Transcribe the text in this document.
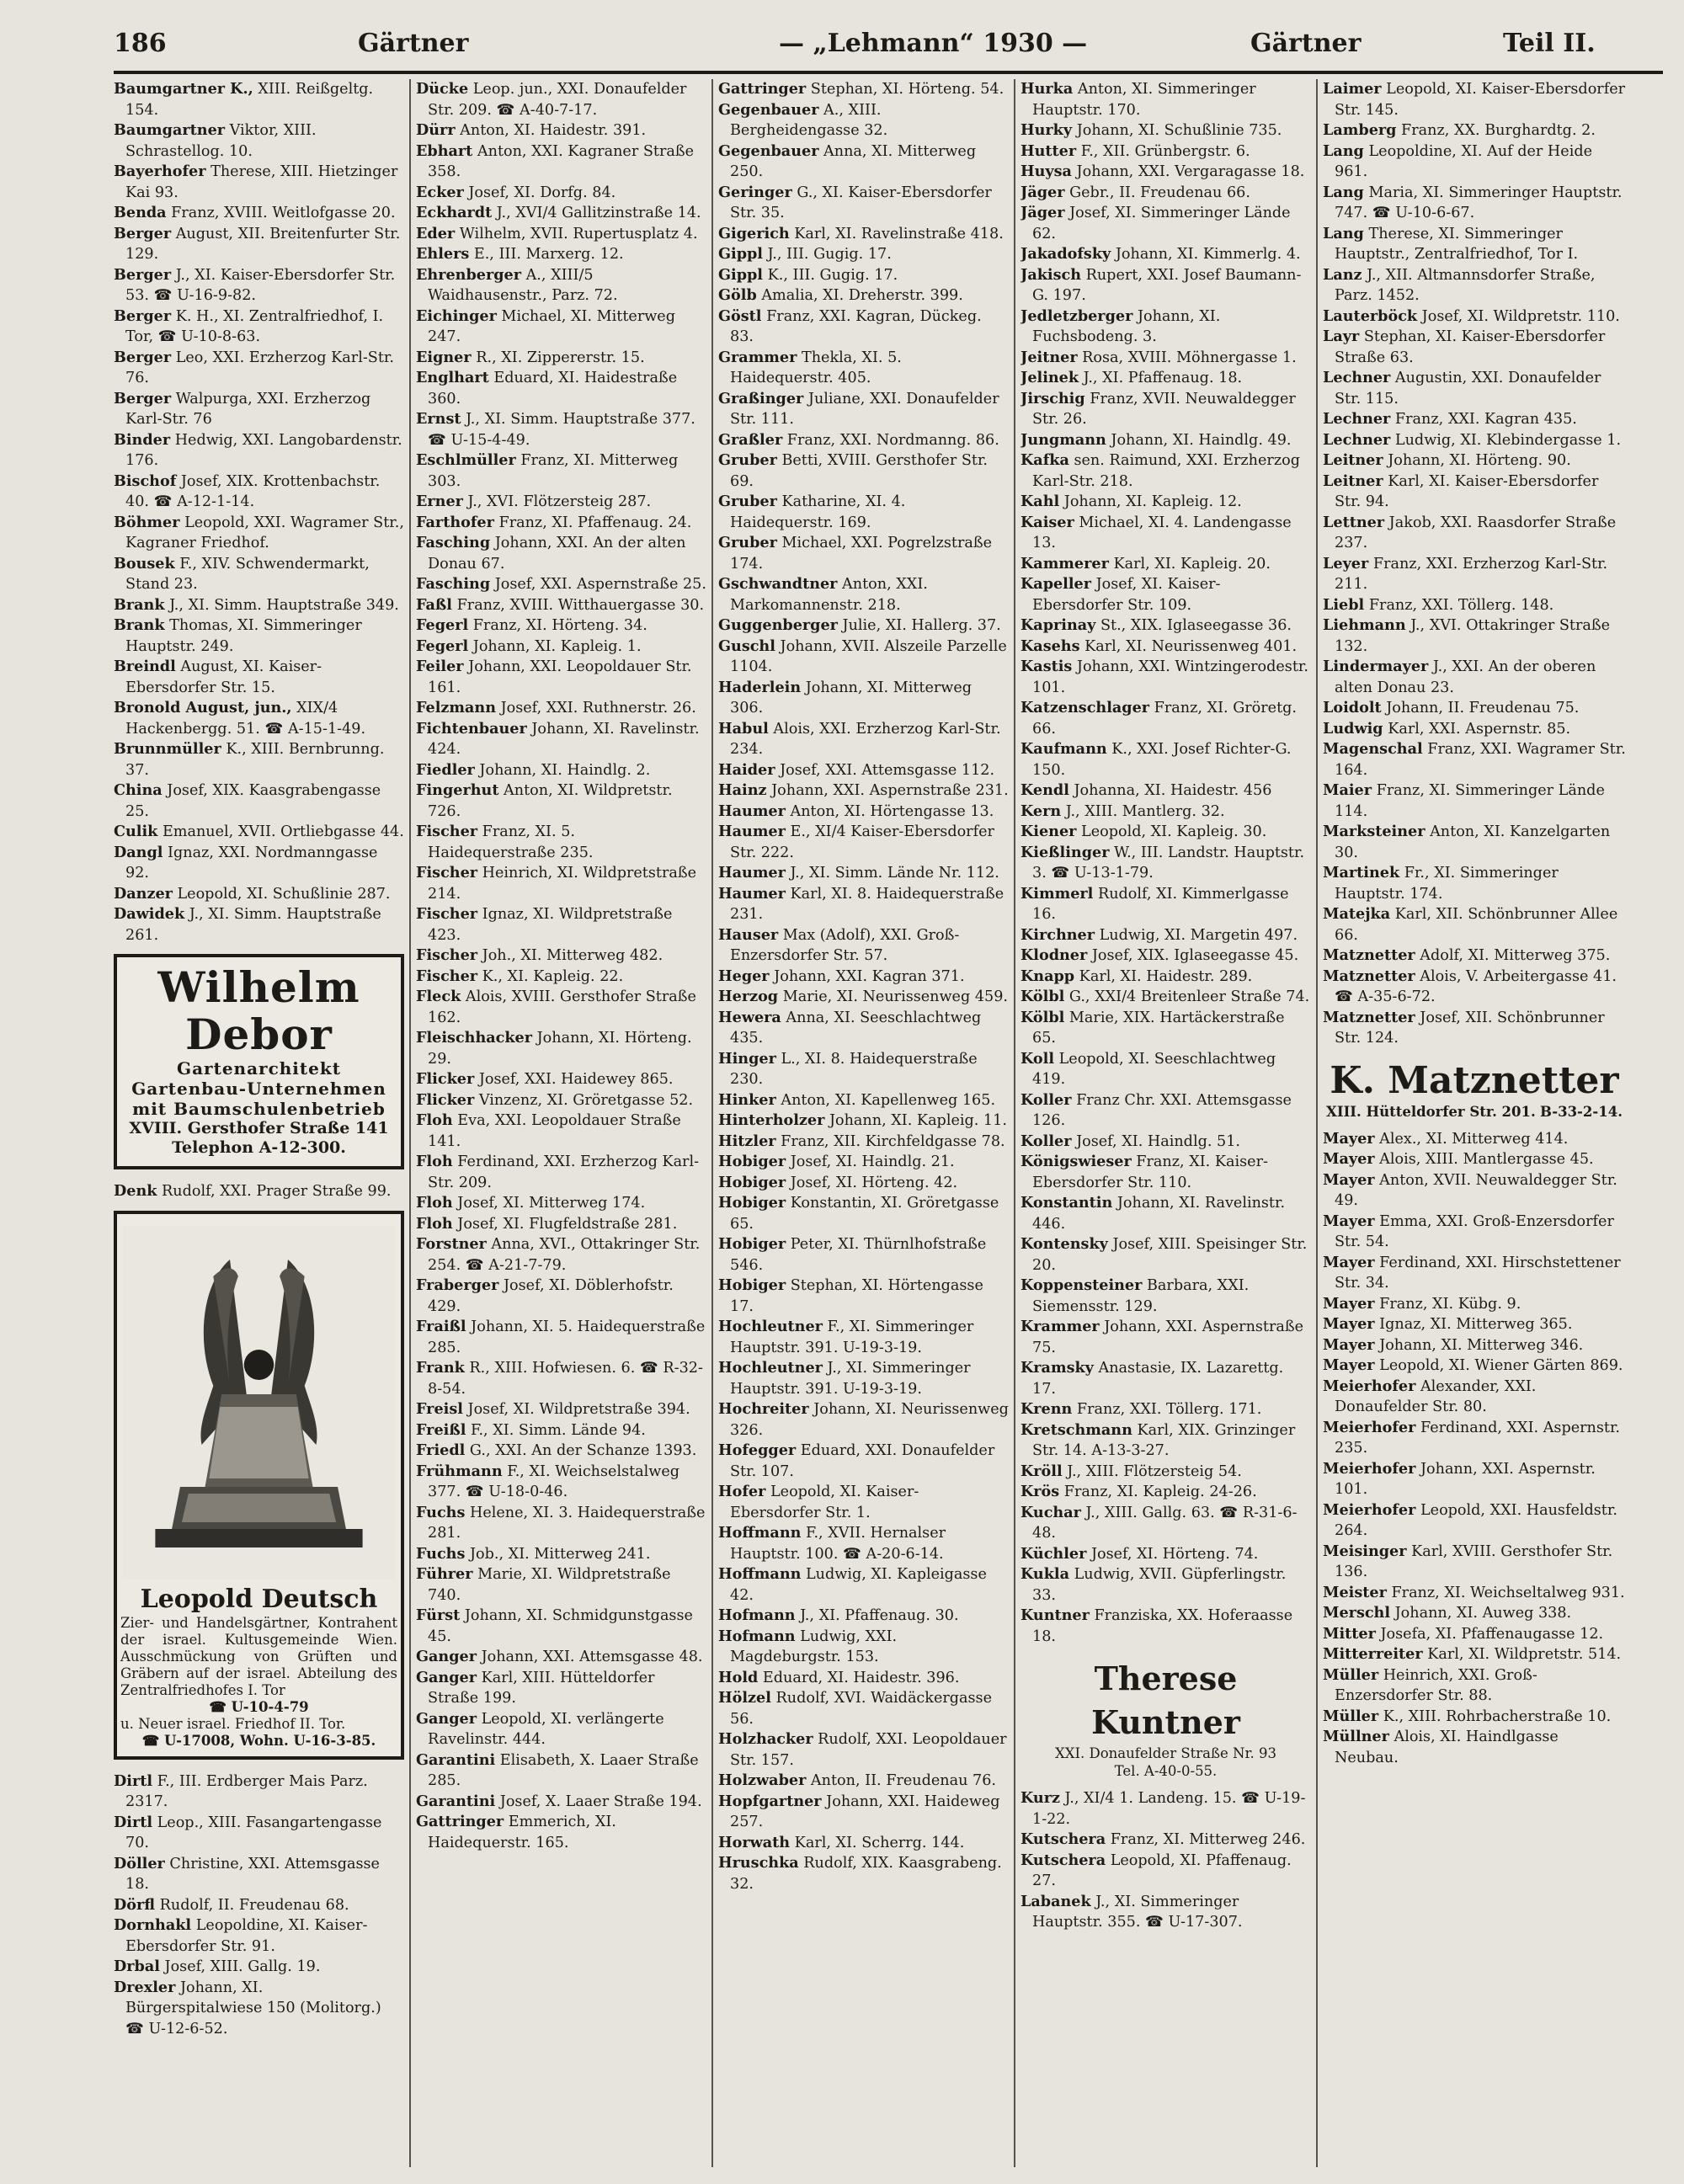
186	Gärtner	— „Lehmann“ 1930 —	Gärtner	Teil II.

Baumgartner K., XIII. Reißgeltg. 154.

Baumgartner Viktor, XIII. Schrastellog. 10.

Bayerhofer Therese, XIII. Hietzinger Kai 93.

Benda Franz, XVIII. Weitlofgasse 20.

Berger August, XII. Breitenfurter Str. 129.

Berger J., XI. Kaiser-Ebersdorfer Str. 53. ☎ U-16-9-82.

Berger K. H., XI. Zentralfriedhof, I. Tor, ☎ U-10-8-63.

Berger Leo, XXI. Erzherzog Karl-Str. 76.

Berger Walpurga, XXI. Erzherzog Karl-Str. 76

Binder Hedwig, XXI. Langobardenstr. 176.

Bischof Josef, XIX. Krottenbachstr. 40. ☎ A-12-1-14.

Böhmer Leopold, XXI. Wagramer Str., Kagraner Friedhof.

Bousek F., XIV. Schwendermarkt, Stand 23.

Brank J., XI. Simm. Hauptstraße 349.

Brank Thomas, XI. Simmeringer Hauptstr. 249.

Breindl August, XI. Kaiser-Ebersdorfer Str. 15.

Bronold August, jun., XIX/4 Hackenbergg. 51. ☎ A-15-1-49.

Brunnmüller K., XIII. Bernbrunng. 37.

China Josef, XIX. Kaasgrabengasse 25.

Culik Emanuel, XVII. Ortliebgasse 44.

Dangl Ignaz, XXI. Nordmanngasse 92.

Danzer Leopold, XI. Schußlinie 287.

Dawidek J., XI. Simm. Hauptstraße 261.

Wilhelm Debor
Gartenarchitekt
Gartenbau-Unternehmen
mit Baumschulenbetrieb
XVIII. Gersthofer Straße 141
Telephon A-12-300.

Denk Rudolf, XXI. Prager Straße 99.

Leopold Deutsch
Zier- und Handelsgärtner, Kontrahent der israel. Kultusgemeinde Wien. Ausschmückung von Grüften und Gräbern auf der israel. Abteilung des Zentralfriedhofes I. Tor
☎ U-10-4-79
u. Neuer israel. Friedhof II. Tor.
☎ U-17008, Wohn. U-16-3-85.

Dirtl F., III. Erdberger Mais Parz. 2317.

Dirtl Leop., XIII. Fasangartengasse 70.

Döller Christine, XXI. Attemsgasse 18.

Dörfl Rudolf, II. Freudenau 68.

Dornhakl Leopoldine, XI. Kaiser-Ebersdorfer Str. 91.

Drbal Josef, XIII. Gallg. 19.

Drexler Johann, XI. Bürgerspitalwiese 150 (Molitorg.) ☎ U-12-6-52.

Dücke Leop. jun., XXI. Donaufelder Str. 209. ☎ A-40-7-17.

Dürr Anton, XI. Haidestr. 391.

Ebhart Anton, XXI. Kagraner Straße 358.

Ecker Josef, XI. Dorfg. 84.

Eckhardt J., XVI/4 Gallitzinstraße 14.

Eder Wilhelm, XVII. Rupertusplatz 4.

Ehlers E., III. Marxerg. 12.

Ehrenberger A., XIII/5 Waidhausenstr., Parz. 72.

Eichinger Michael, XI. Mitterweg 247.

Eigner R., XI. Zippererstr. 15.

Englhart Eduard, XI. Haidestraße 360.

Ernst J., XI. Simm. Hauptstraße 377. ☎ U-15-4-49.

Eschlmüller Franz, XI. Mitterweg 303.

Erner J., XVI. Flötzersteig 287.

Farthofer Franz, XI. Pfaffenaug. 24.

Fasching Johann, XXI. An der alten Donau 67.

Fasching Josef, XXI. Aspernstraße 25.

Faßl Franz, XVIII. Witthauergasse 30.

Fegerl Franz, XI. Hörteng. 34.

Fegerl Johann, XI. Kapleig. 1.

Feiler Johann, XXI. Leopoldauer Str. 161.

Felzmann Josef, XXI. Ruthnerstr. 26.

Fichtenbauer Johann, XI. Ravelinstr. 424.

Fiedler Johann, XI. Haindlg. 2.

Fingerhut Anton, XI. Wildpretstr. 726.

Fischer Franz, XI. 5. Haidequerstraße 235.

Fischer Heinrich, XI. Wildpretstraße 214.

Fischer Ignaz, XI. Wildpretstraße 423.

Fischer Joh., XI. Mitterweg 482.

Fischer K., XI. Kapleig. 22.

Fleck Alois, XVIII. Gersthofer Straße 162.

Fleischhacker Johann, XI. Hörteng. 29.

Flicker Josef, XXI. Haidewey 865.

Flicker Vinzenz, XI. Gröretgasse 52.

Floh Eva, XXI. Leopoldauer Straße 141.

Floh Ferdinand, XXI. Erzherzog Karl-Str. 209.

Floh Josef, XI. Mitterweg 174.

Floh Josef, XI. Flugfeldstraße 281.

Forstner Anna, XVI., Ottakringer Str. 254. ☎ A-21-7-79.

Fraberger Josef, XI. Döblerhofstr. 429.

Fraißl Johann, XI. 5. Haidequerstraße 285.

Frank R., XIII. Hofwiesen. 6. ☎ R-32-8-54.

Freisl Josef, XI. Wildpretstraße 394.

Freißl F., XI. Simm. Lände 94.

Friedl G., XXI. An der Schanze 1393.

Frühmann F., XI. Weichselstalweg 377. ☎ U-18-0-46.

Fuchs Helene, XI. 3. Haidequerstraße 281.

Fuchs Job., XI. Mitterweg 241.

Führer Marie, XI. Wildpretstraße 740.

Fürst Johann, XI. Schmidgunstgasse 45.

Ganger Johann, XXI. Attemsgasse 48.

Ganger Karl, XIII. Hütteldorfer Straße 199.

Ganger Leopold, XI. verlängerte Ravelinstr. 444.

Garantini Elisabeth, X. Laaer Straße 285.

Garantini Josef, X. Laaer Straße 194.

Gattringer Emmerich, XI. Haidequerstr. 165.

Gattringer Stephan, XI. Hörteng. 54.

Gegenbauer A., XIII. Bergheidengasse 32.

Gegenbauer Anna, XI. Mitterweg 250.

Geringer G., XI. Kaiser-Ebersdorfer Str. 35.

Gigerich Karl, XI. Ravelinstraße 418.

Gippl J., III. Gugig. 17.

Gippl K., III. Gugig. 17.

Gölb Amalia, XI. Dreherstr. 399.

Göstl Franz, XXI. Kagran, Dückeg. 83.

Grammer Thekla, XI. 5. Haidequerstr. 405.

Graßinger Juliane, XXI. Donaufelder Str. 111.

Graßler Franz, XXI. Nordmanng. 86.

Gruber Betti, XVIII. Gersthofer Str. 69.

Gruber Katharine, XI. 4. Haidequerstr. 169.

Gruber Michael, XXI. Pogrelzstraße 174.

Gschwandtner Anton, XXI. Markomannenstr. 218.

Guggenberger Julie, XI. Hallerg. 37.

Guschl Johann, XVII. Alszeile Parzelle 1104.

Haderlein Johann, XI. Mitterweg 306.

Habul Alois, XXI. Erzherzog Karl-Str. 234.

Haider Josef, XXI. Attemsgasse 112.

Hainz Johann, XXI. Aspernstraße 231.

Haumer Anton, XI. Hörtengasse 13.

Haumer E., XI/4 Kaiser-Ebersdorfer Str. 222.

Haumer J., XI. Simm. Lände Nr. 112.

Haumer Karl, XI. 8. Haidequerstraße 231.

Hauser Max (Adolf), XXI. Groß-Enzersdorfer Str. 57.

Heger Johann, XXI. Kagran 371.

Herzog Marie, XI. Neurissenweg 459.

Hewera Anna, XI. Seeschlachtweg 435.

Hinger L., XI. 8. Haidequerstraße 230.

Hinker Anton, XI. Kapellenweg 165.

Hinterholzer Johann, XI. Kapleig. 11.

Hitzler Franz, XII. Kirchfeldgasse 78.

Hobiger Josef, XI. Haindlg. 21.

Hobiger Josef, XI. Hörteng. 42.

Hobiger Konstantin, XI. Gröretgasse 65.

Hobiger Peter, XI. Thürnlhofstraße 546.

Hobiger Stephan, XI. Hörtengasse 17.

Hochleutner F., XI. Simmeringer Hauptstr. 391. U-19-3-19.

Hochleutner J., XI. Simmeringer Hauptstr. 391. U-19-3-19.

Hochreiter Johann, XI. Neurissenweg 326.

Hofegger Eduard, XXI. Donaufelder Str. 107.

Hofer Leopold, XI. Kaiser-Ebersdorfer Str. 1.

Hoffmann F., XVII. Hernalser Hauptstr. 100. ☎ A-20-6-14.

Hoffmann Ludwig, XI. Kapleigasse 42.

Hofmann J., XI. Pfaffenaug. 30.

Hofmann Ludwig, XXI. Magdeburgstr. 153.

Hold Eduard, XI. Haidestr. 396.

Hölzel Rudolf, XVI. Waidäckergasse 56.

Holzhacker Rudolf, XXI. Leopoldauer Str. 157.

Holzwaber Anton, II. Freudenau 76.

Hopfgartner Johann, XXI. Haideweg 257.

Horwath Karl, XI. Scherrg. 144.

Hruschka Rudolf, XIX. Kaasgrabeng. 32.

Hurka Anton, XI. Simmeringer Hauptstr. 170.

Hurky Johann, XI. Schußlinie 735.

Hutter F., XII. Grünbergstr. 6.

Huysa Johann, XXI. Vergaragasse 18.

Jäger Gebr., II. Freudenau 66.

Jäger Josef, XI. Simmeringer Lände 62.

Jakadofsky Johann, XI. Kimmerlg. 4.

Jakisch Rupert, XXI. Josef Baumann-G. 197.

Jedletzberger Johann, XI. Fuchsbodeng. 3.

Jeitner Rosa, XVIII. Möhnergasse 1.

Jelinek J., XI. Pfaffenaug. 18.

Jirschig Franz, XVII. Neuwaldegger Str. 26.

Jungmann Johann, XI. Haindlg. 49.

Kafka sen. Raimund, XXI. Erzherzog Karl-Str. 218.

Kahl Johann, XI. Kapleig. 12.

Kaiser Michael, XI. 4. Landengasse 13.

Kammerer Karl, XI. Kapleig. 20.

Kapeller Josef, XI. Kaiser-Ebersdorfer Str. 109.

Kaprinay St., XIX. Iglaseegasse 36.

Kasehs Karl, XI. Neurissenweg 401.

Kastis Johann, XXI. Wintzingerodestr. 101.

Katzenschlager Franz, XI. Gröretg. 66.

Kaufmann K., XXI. Josef Richter-G. 150.

Kendl Johanna, XI. Haidestr. 456

Kern J., XIII. Mantlerg. 32.

Kiener Leopold, XI. Kapleig. 30.

Kießlinger W., III. Landstr. Hauptstr. 3. ☎ U-13-1-79.

Kimmerl Rudolf, XI. Kimmerlgasse 16.

Kirchner Ludwig, XI. Margetin 497.

Klodner Josef, XIX. Iglaseegasse 45.

Knapp Karl, XI. Haidestr. 289.

Kölbl G., XXI/4 Breitenleer Straße 74.

Kölbl Marie, XIX. Hartäckerstraße 65.

Koll Leopold, XI. Seeschlachtweg 419.

Koller Franz Chr. XXI. Attemsgasse 126.

Koller Josef, XI. Haindlg. 51.

Königswieser Franz, XI. Kaiser-Ebersdorfer Str. 110.

Konstantin Johann, XI. Ravelinstr. 446.

Kontensky Josef, XIII. Speisinger Str. 20.

Koppensteiner Barbara, XXI. Siemensstr. 129.

Krammer Johann, XXI. Aspernstraße 75.

Kramsky Anastasie, IX. Lazarettg. 17.

Krenn Franz, XXI. Töllerg. 171.

Kretschmann Karl, XIX. Grinzinger Str. 14. A-13-3-27.

Kröll J., XIII. Flötzersteig 54.

Krös Franz, XI. Kapleig. 24-26.

Kuchar J., XIII. Gallg. 63. ☎ R-31-6-48.

Küchler Josef, XI. Hörteng. 74.

Kukla Ludwig, XVII. Güpferlingstr. 33.

Kuntner Franziska, XX. Hoferaasse 18.

Therese Kuntner
XXI. Donaufelder Straße Nr. 93
Tel. A-40-0-55.

Kurz J., XI/4 1. Landeng. 15. ☎ U-19-1-22.

Kutschera Franz, XI. Mitterweg 246.

Kutschera Leopold, XI. Pfaffenaug. 27.

Labanek J., XI. Simmeringer Hauptstr. 355. ☎ U-17-307.

Laimer Leopold, XI. Kaiser-Ebersdorfer Str. 145.

Lamberg Franz, XX. Burghardtg. 2.

Lang Leopoldine, XI. Auf der Heide 961.

Lang Maria, XI. Simmeringer Hauptstr. 747. ☎ U-10-6-67.

Lang Therese, XI. Simmeringer Hauptstr., Zentralfriedhof, Tor I.

Lanz J., XII. Altmannsdorfer Straße, Parz. 1452.

Lauterböck Josef, XI. Wildpretstr. 110.

Layr Stephan, XI. Kaiser-Ebersdorfer Straße 63.

Lechner Augustin, XXI. Donaufelder Str. 115.

Lechner Franz, XXI. Kagran 435.

Lechner Ludwig, XI. Klebindergasse 1.

Leitner Johann, XI. Hörteng. 90.

Leitner Karl, XI. Kaiser-Ebersdorfer Str. 94.

Lettner Jakob, XXI. Raasdorfer Straße 237.

Leyer Franz, XXI. Erzherzog Karl-Str. 211.

Liebl Franz, XXI. Töllerg. 148.

Liehmann J., XVI. Ottakringer Straße 132.

Lindermayer J., XXI. An der oberen alten Donau 23.

Loidolt Johann, II. Freudenau 75.

Ludwig Karl, XXI. Aspernstr. 85.

Magenschal Franz, XXI. Wagramer Str. 164.

Maier Franz, XI. Simmeringer Lände 114.

Marksteiner Anton, XI. Kanzelgarten 30.

Martinek Fr., XI. Simmeringer Hauptstr. 174.

Matejka Karl, XII. Schönbrunner Allee 66.

Matznetter Adolf, XI. Mitterweg 375.

Matznetter Alois, V. Arbeitergasse 41. ☎ A-35-6-72.

Matznetter Josef, XII. Schönbrunner Str. 124.

K. Matznetter
XIII. Hütteldorfer Str. 201. B-33-2-14.

Mayer Alex., XI. Mitterweg 414.

Mayer Alois, XIII. Mantlergasse 45.

Mayer Anton, XVII. Neuwaldegger Str. 49.

Mayer Emma, XXI. Groß-Enzersdorfer Str. 54.

Mayer Ferdinand, XXI. Hirschstettener Str. 34.

Mayer Franz, XI. Kübg. 9.

Mayer Ignaz, XI. Mitterweg 365.

Mayer Johann, XI. Mitterweg 346.

Mayer Leopold, XI. Wiener Gärten 869.

Meierhofer Alexander, XXI. Donaufelder Str. 80.

Meierhofer Ferdinand, XXI. Aspernstr. 235.

Meierhofer Johann, XXI. Aspernstr. 101.

Meierhofer Leopold, XXI. Hausfeldstr. 264.

Meisinger Karl, XVIII. Gersthofer Str. 136.

Meister Franz, XI. Weichseltalweg 931.

Merschl Johann, XI. Auweg 338.

Mitter Josefa, XI. Pfaffenaugasse 12.

Mitterreiter Karl, XI. Wildpretstr. 514.

Müller Heinrich, XXI. Groß-Enzersdorfer Str. 88.

Müller K., XIII. Rohrbacherstraße 10.

Müllner Alois, XI. Haindlgasse Neubau.
